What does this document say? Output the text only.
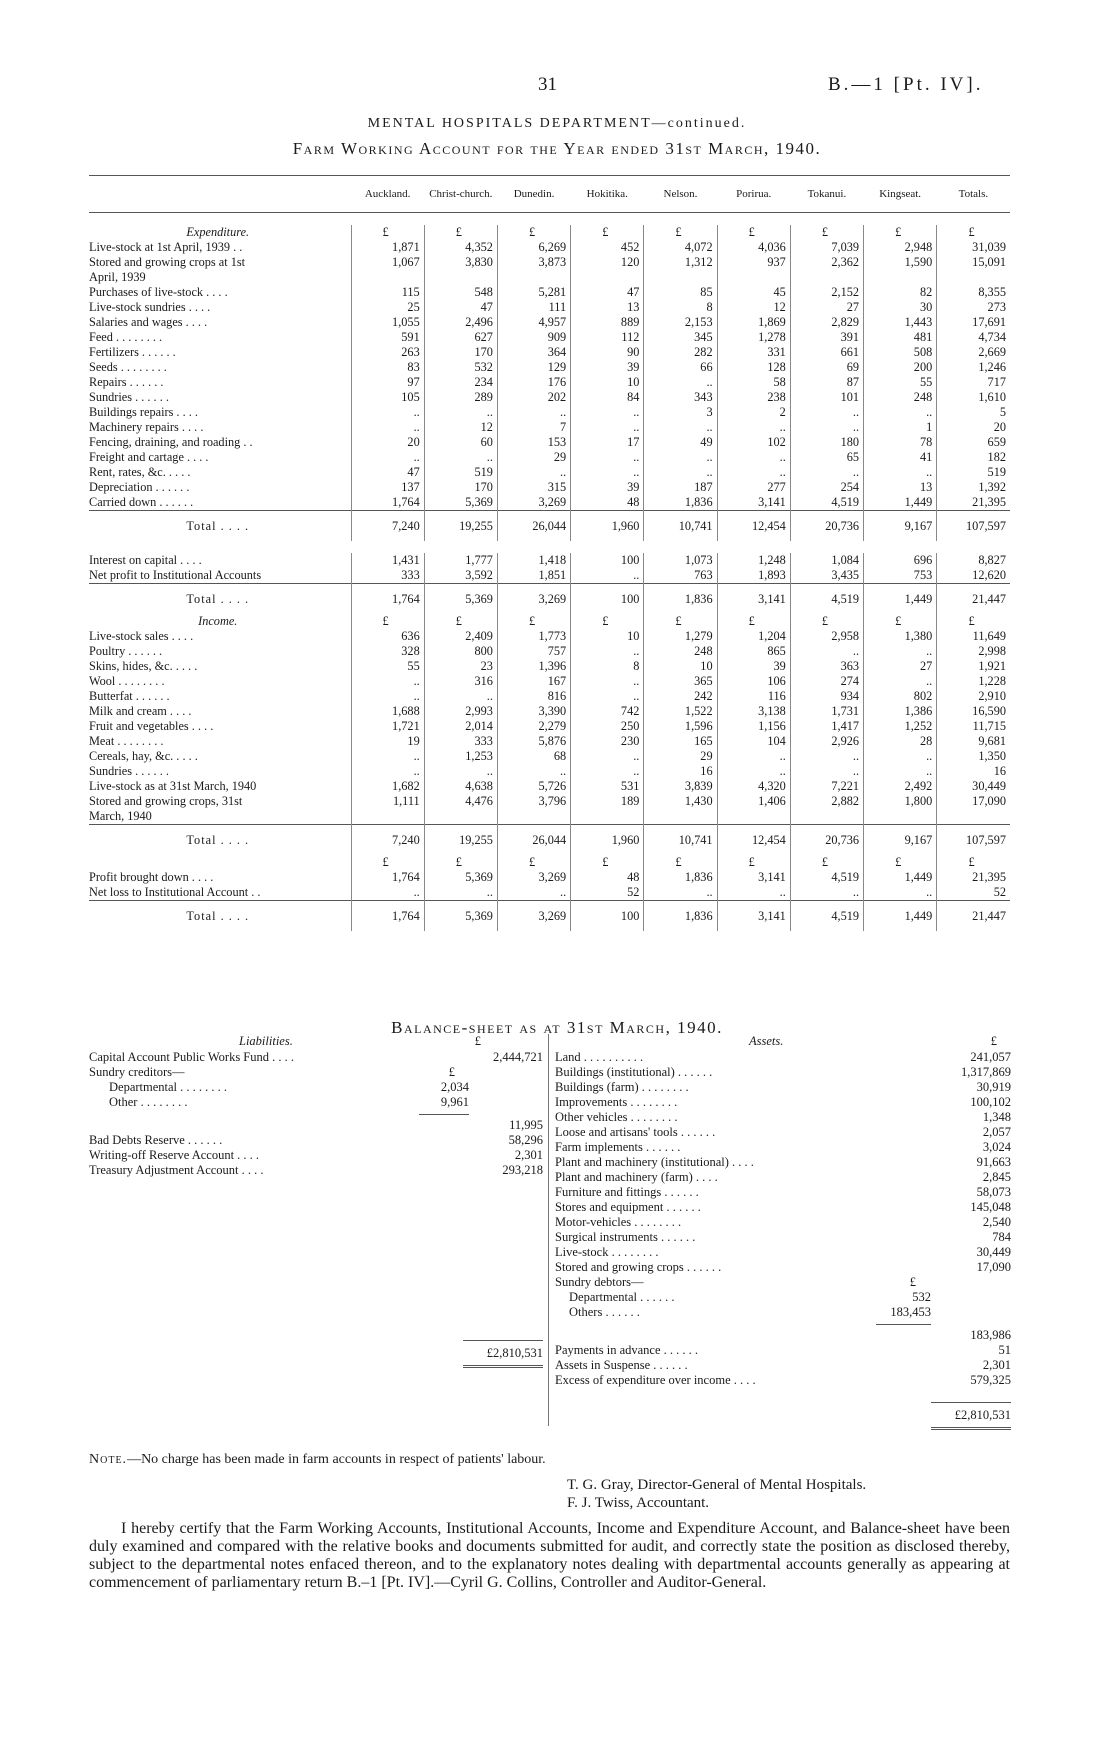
31	B.—1 [Pt. IV].
MENTAL HOSPITALS DEPARTMENT—continued.
Farm Working Account for the Year ended 31st March, 1940.
	Auckland.	Christ-church.	Dunedin.	Hokitika.	Nelson.	Porirua.	Tokanui.	Kingseat.	Totals.

Expenditure.	£	£	£	£	£	£	£	£	£
Live-stock at 1st April, 1939 . .	1,871	4,352	6,269	452	4,072	4,036	7,039	2,948	31,039
Stored and growing crops at 1st	1,067	3,830	3,873	120	1,312	937	2,362	1,590	15,091
April, 1939									
Purchases of live-stock . . . .	115	548	5,281	47	85	45	2,152	82	8,355
Live-stock sundries . . . .	25	47	111	13	8	12	27	30	273
Salaries and wages . . . .	1,055	2,496	4,957	889	2,153	1,869	2,829	1,443	17,691
Feed . . . . . . . .	591	627	909	112	345	1,278	391	481	4,734
Fertilizers . . . . . .	263	170	364	90	282	331	661	508	2,669
Seeds . . . . . . . .	83	532	129	39	66	128	69	200	1,246
Repairs . . . . . .	97	234	176	10	..	58	87	55	717
Sundries . . . . . .	105	289	202	84	343	238	101	248	1,610
Buildings repairs . . . .	..	..	..	..	3	2	..	..	5
Machinery repairs . . . .	..	12	7	..	..	..	..	1	20
Fencing, draining, and roading . .	20	60	153	17	49	102	180	78	659
Freight and cartage . . . .	..	..	29	..	..	..	65	41	182
Rent, rates, &c. . . . .	47	519	..	..	..	..	..	..	519
Depreciation . . . . . .	137	170	315	39	187	277	254	13	1,392
Carried down . . . . . .	1,764	5,369	3,269	48	1,836	3,141	4,519	1,449	21,395
Total . . . .	7,240	19,255	26,044	1,960	10,741	12,454	20,736	9,167	107,597

Interest on capital . . . .	1,431	1,777	1,418	100	1,073	1,248	1,084	696	8,827
Net profit to Institutional Accounts	333	3,592	1,851	..	763	1,893	3,435	753	12,620
Total . . . .	1,764	5,369	3,269	100	1,836	3,141	4,519	1,449	21,447
Income.	£	£	£	£	£	£	£	£	£
Live-stock sales . . . .	636	2,409	1,773	10	1,279	1,204	2,958	1,380	11,649
Poultry . . . . . .	328	800	757	..	248	865	..	..	2,998
Skins, hides, &c. . . . .	55	23	1,396	8	10	39	363	27	1,921
Wool . . . . . . . .	..	316	167	..	365	106	274	..	1,228
Butterfat . . . . . .	..	..	816	..	242	116	934	802	2,910
Milk and cream . . . .	1,688	2,993	3,390	742	1,522	3,138	1,731	1,386	16,590
Fruit and vegetables . . . .	1,721	2,014	2,279	250	1,596	1,156	1,417	1,252	11,715
Meat . . . . . . . .	19	333	5,876	230	165	104	2,926	28	9,681
Cereals, hay, &c. . . . .	..	1,253	68	..	29	..	..	..	1,350
Sundries . . . . . .	..	..	..	..	16	..	..	..	16
Live-stock as at 31st March, 1940	1,682	4,638	5,726	531	3,839	4,320	7,221	2,492	30,449
Stored and growing crops, 31st	1,111	4,476	3,796	189	1,430	1,406	2,882	1,800	17,090
March, 1940									
Total . . . .	7,240	19,255	26,044	1,960	10,741	12,454	20,736	9,167	107,597
	£	£	£	£	£	£	£	£	£
Profit brought down . . . .	1,764	5,369	3,269	48	1,836	3,141	4,519	1,449	21,395
Net loss to Institutional Account . .	..	..	..	52	..	..	..	..	52
Total . . . .	1,764	5,369	3,269	100	1,836	3,141	4,519	1,449	21,447
Balance-sheet as at 31st March, 1940.
Liabilities.	£
Capital Account Public Works Fund . . . .	2,444,721
Sundry creditors—	£
Departmental . . . . . . . .	2,034
Other . . . . . . . .	9,961
11,995
Bad Debts Reserve . . . . . .	58,296
Writing-off Reserve Account . . . .	2,301
Treasury Adjustment Account . . . .	293,218
£2,810,531
Assets.	£
Land . . . . . . . . . .	241,057
Buildings (institutional) . . . . . .	1,317,869
Buildings (farm) . . . . . . . .	30,919
Improvements . . . . . . . .	100,102
Other vehicles . . . . . . . .	1,348
Loose and artisans' tools . . . . . .	2,057
Farm implements . . . . . .	3,024
Plant and machinery (institutional) . . . .	91,663
Plant and machinery (farm) . . . .	2,845
Furniture and fittings . . . . . .	58,073
Stores and equipment . . . . . .	145,048
Motor-vehicles . . . . . . . .	2,540
Surgical instruments . . . . . .	784
Live-stock . . . . . . . .	30,449
Stored and growing crops . . . . . .	17,090
Sundry debtors—	£
Departmental . . . . . .	532
Others . . . . . .	183,453
183,986
Payments in advance . . . . . .	51
Assets in Suspense . . . . . .	2,301
Excess of expenditure over income . . . .	579,325
£2,810,531
Note.—No charge has been made in farm accounts in respect of patients' labour.
T. G. Gray, Director-General of Mental Hospitals.
F. J. Twiss, Accountant.
I hereby certify that the Farm Working Accounts, Institutional Accounts, Income and Expenditure Account, and Balance-sheet have been duly examined and compared with the relative books and documents submitted for audit, and correctly state the position as disclosed thereby, subject to the departmental notes enfaced thereon, and to the explanatory notes dealing with departmental accounts generally as appearing at commencement of parliamentary return B.–1 [Pt. IV].—Cyril G. Collins, Controller and Auditor-General.
